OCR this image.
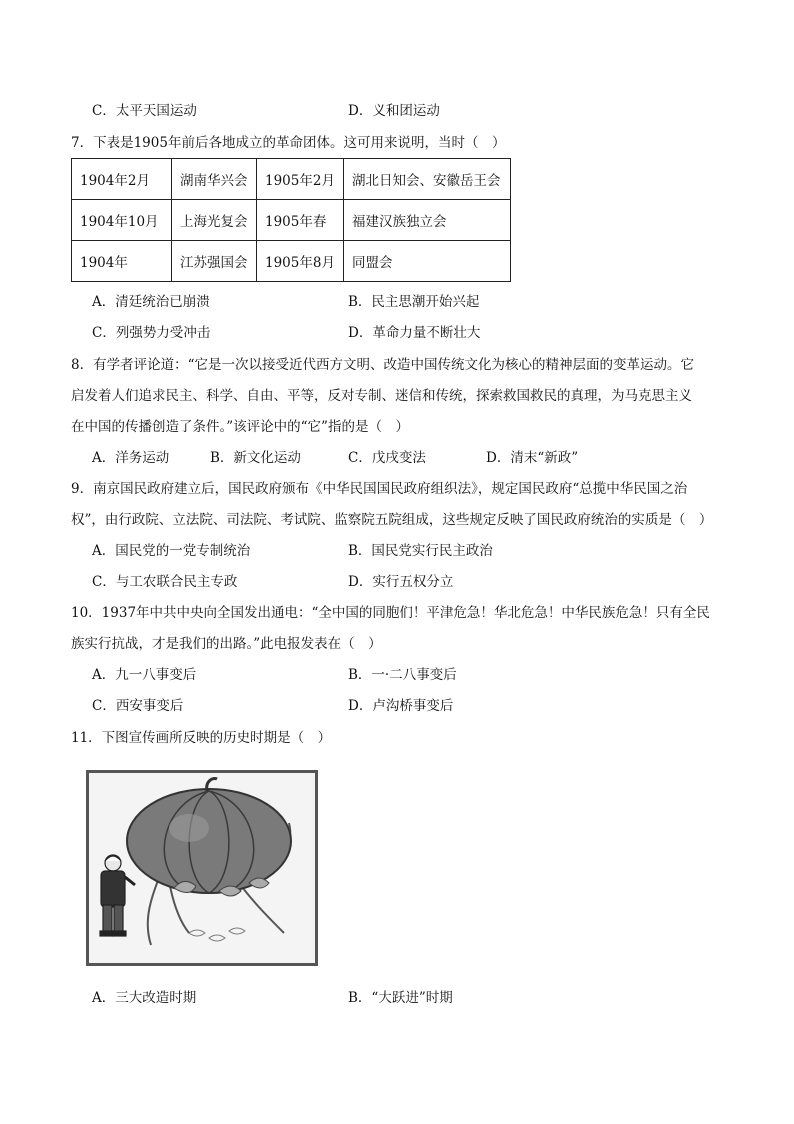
C．太平天国运动	D．义和团运动
7．下表是1905年前后各地成立的革命团体。这可用来说明，当时（　）
1904年2月	湖南华兴会	1905年2月	湖北日知会、安徽岳王会
1904年10月	上海光复会	1905年春	福建汉族独立会
1904年	江苏强国会	1905年8月	同盟会
A．清廷统治已崩溃	B．民主思潮开始兴起
C．列强势力受冲击	D．革命力量不断壮大
8．有学者评论道：“它是一次以接受近代西方文明、改造中国传统文化为核心的精神层面的变革运动。它
启发着人们追求民主、科学、自由、平等，反对专制、迷信和传统，探索救国救民的真理，为马克思主义
在中国的传播创造了条件。”该评论中的“它”指的是（　）
A．洋务运动	B．新文化运动	C．戊戌变法	D．清末“新政”
9．南京国民政府建立后，国民政府颁布《中华民国国民政府组织法》，规定国民政府“总揽中华民国之治
权”，由行政院、立法院、司法院、考试院、监察院五院组成，这些规定反映了国民政府统治的实质是（　）
A．国民党的一党专制统治	B．国民党实行民主政治
C．与工农联合民主专政	D．实行五权分立
10．1937年中共中央向全国发出通电：“全中国的同胞们！平津危急！华北危急！中华民族危急！只有全民
族实行抗战，才是我们的出路。”此电报发表在（　）
A．九一八事变后	B．一·二八事变后
C．西安事变后	D．卢沟桥事变后
11．下图宣传画所反映的历史时期是（　）
A．三大改造时期	B．“大跃进”时期
